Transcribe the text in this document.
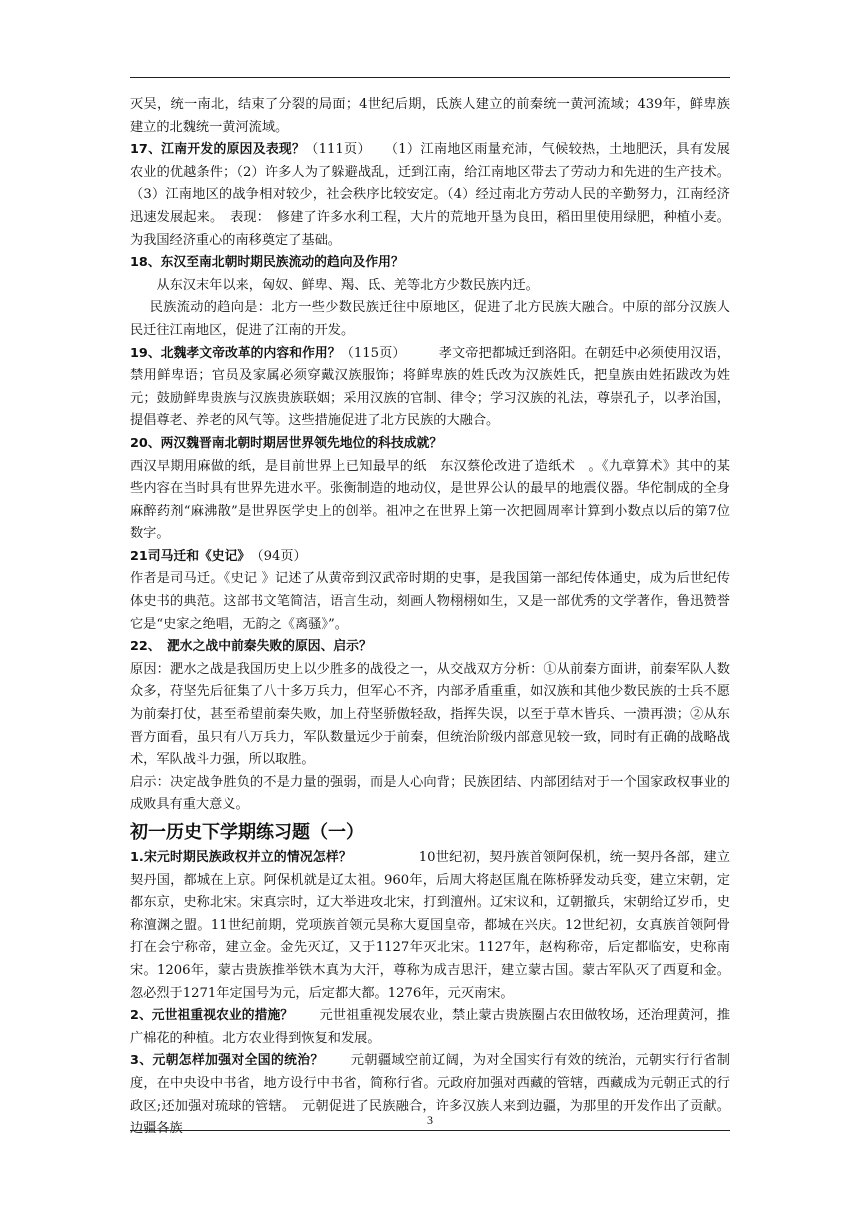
灭吴，统一南北，结束了分裂的局面；4世纪后期，氐族人建立的前秦统一黄河流域；439年，鲜卑族建立的北魏统一黄河流域。

17、江南开发的原因及表现？（111页）　　（1）江南地区雨量充沛，气候较热，土地肥沃，具有发展农业的优越条件；（2）许多人为了躲避战乱，迁到江南，给江南地区带去了劳动力和先进的生产技术。（3）江南地区的战争相对较少，社会秩序比较安定。（4）经过南北方劳动人民的辛勤努力，江南经济迅速发展起来。　表现：　修建了许多水利工程，大片的荒地开垦为良田，稻田里使用绿肥，种植小麦。为我国经济重心的南移奠定了基础。

18、东汉至南北朝时期民族流动的趋向及作用？

从东汉末年以来，匈奴、鲜卑、羯、氐、羌等北方少数民族内迁。

民族流动的趋向是：北方一些少数民族迁往中原地区，促进了北方民族大融合。中原的部分汉族人民迁往江南地区，促进了江南的开发。

19、北魏孝文帝改革的内容和作用？（115页）　　　孝文帝把都城迁到洛阳。在朝廷中必须使用汉语，禁用鲜卑语；官员及家属必须穿戴汉族服饰；将鲜卑族的姓氏改为汉族姓氏，把皇族由姓拓跋改为姓元；鼓励鲜卑贵族与汉族贵族联姻；采用汉族的官制、律令；学习汉族的礼法，尊崇孔子，以孝治国，提倡尊老、养老的风气等。这些措施促进了北方民族的大融合。

20、两汉魏晋南北朝时期居世界领先地位的科技成就？

西汉早期用麻做的纸，是目前世界上已知最早的纸　东汉蔡伦改进了造纸术　。《九章算术》其中的某些内容在当时具有世界先进水平。张衡制造的地动仪，是世界公认的最早的地震仪器。华佗制成的全身麻醉药剂“麻沸散”是世界医学史上的创举。祖冲之在世界上第一次把圆周率计算到小数点以后的第7位数字。

21司马迁和《史记》　（94页）

作者是司马迁。《史记 》记述了从黄帝到汉武帝时期的史事，是我国第一部纪传体通史，成为后世纪传体史书的典范。这部书文笔简洁，语言生动，刻画人物栩栩如生，又是一部优秀的文学著作，鲁迅赞誉它是“史家之绝唱，无韵之《离骚》”。

22、　淝水之战中前秦失败的原因、启示？

原因：淝水之战是我国历史上以少胜多的战役之一，从交战双方分析：①从前秦方面讲，前秦军队人数众多，苻坚先后征集了八十多万兵力，但军心不齐，内部矛盾重重，如汉族和其他少数民族的士兵不愿为前秦打仗，甚至希望前秦失败，加上苻坚骄傲轻敌，指挥失误，以至于草木皆兵、一溃再溃；②从东晋方面看，虽只有八万兵力，军队数量远少于前秦，但统治阶级内部意见较一致，同时有正确的战略战术，军队战斗力强，所以取胜。

启示：决定战争胜负的不是力量的强弱，而是人心向背；民族团结、内部团结对于一个国家政权事业的成败具有重大意义。

初一历史下学期练习题（一）

1.宋元时期民族政权并立的情况怎样？　　　　　10世纪初，契丹族首领阿保机，统一契丹各部，建立契丹国，都城在上京。阿保机就是辽太祖。960年，后周大将赵匡胤在陈桥驿发动兵变，建立宋朝，定都东京，史称北宋。宋真宗时，辽大举进攻北宋，打到澶州。辽宋议和，辽朝撤兵，宋朝给辽岁币，史称澶渊之盟。11世纪前期，党项族首领元昊称大夏国皇帝，都城在兴庆。12世纪初，女真族首领阿骨打在会宁称帝，建立金。金先灭辽，又于1127年灭北宋。1127年，赵构称帝，后定都临安，史称南宋。1206年，蒙古贵族推举铁木真为大汗，尊称为成吉思汗，建立蒙古国。蒙古军队灭了西夏和金。忽必烈于1271年定国号为元，后定都大都。1276年，元灭南宋。

2、元世祖重视农业的措施？　　元世祖重视发展农业，禁止蒙古贵族圈占农田做牧场，还治理黄河，推广棉花的种植。北方农业得到恢复和发展。

3、元朝怎样加强对全国的统治？　　元朝疆域空前辽阔，为对全国实行有效的统治，元朝实行行省制度，在中央设中书省，地方设行中书省，简称行省。元政府加强对西藏的管辖，西藏成为元朝正式的行政区;还加强对琉球的管辖。　元朝促进了民族融合，许多汉族人来到边疆，为那里的开发作出了贡献。边疆各族

3
